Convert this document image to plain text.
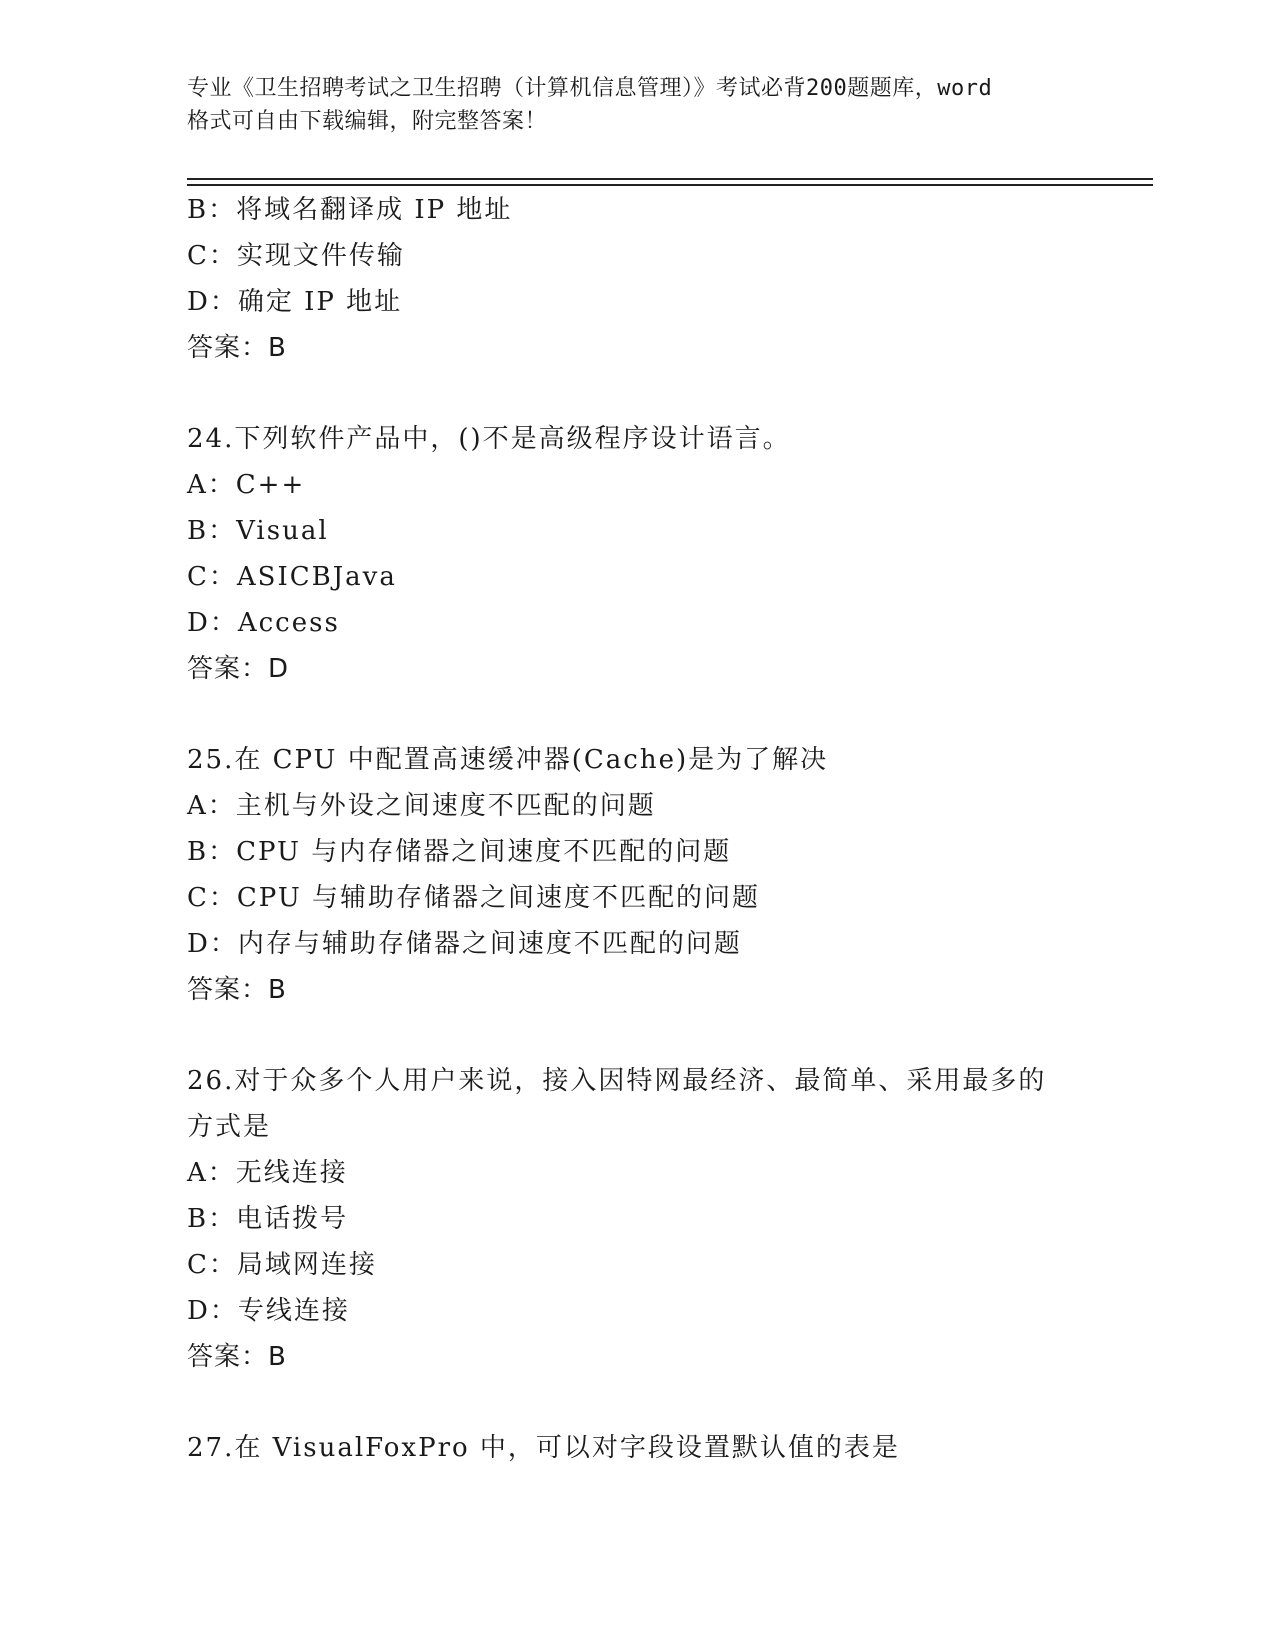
专业《卫生招聘考试之卫生招聘（计算机信息管理）》考试必背200题题库，word
格式可自由下载编辑，附完整答案！
B：将域名翻译成 IP 地址
C：实现文件传输
D：确定 IP 地址
答案：B
24.下列软件产品中，()不是高级程序设计语言。
A：C++
B：Visual
C：ASICBJava
D：Access
答案：D
25.在 CPU 中配置高速缓冲器(Cache)是为了解决
A：主机与外设之间速度不匹配的问题
B：CPU 与内存储器之间速度不匹配的问题
C：CPU 与辅助存储器之间速度不匹配的问题
D：内存与辅助存储器之间速度不匹配的问题
答案：B
26.对于众多个人用户来说，接入因特网最经济、最简单、采用最多的
方式是
A：无线连接
B：电话拨号
C：局域网连接
D：专线连接
答案：B
27.在 VisualFoxPro 中，可以对字段设置默认值的表是
